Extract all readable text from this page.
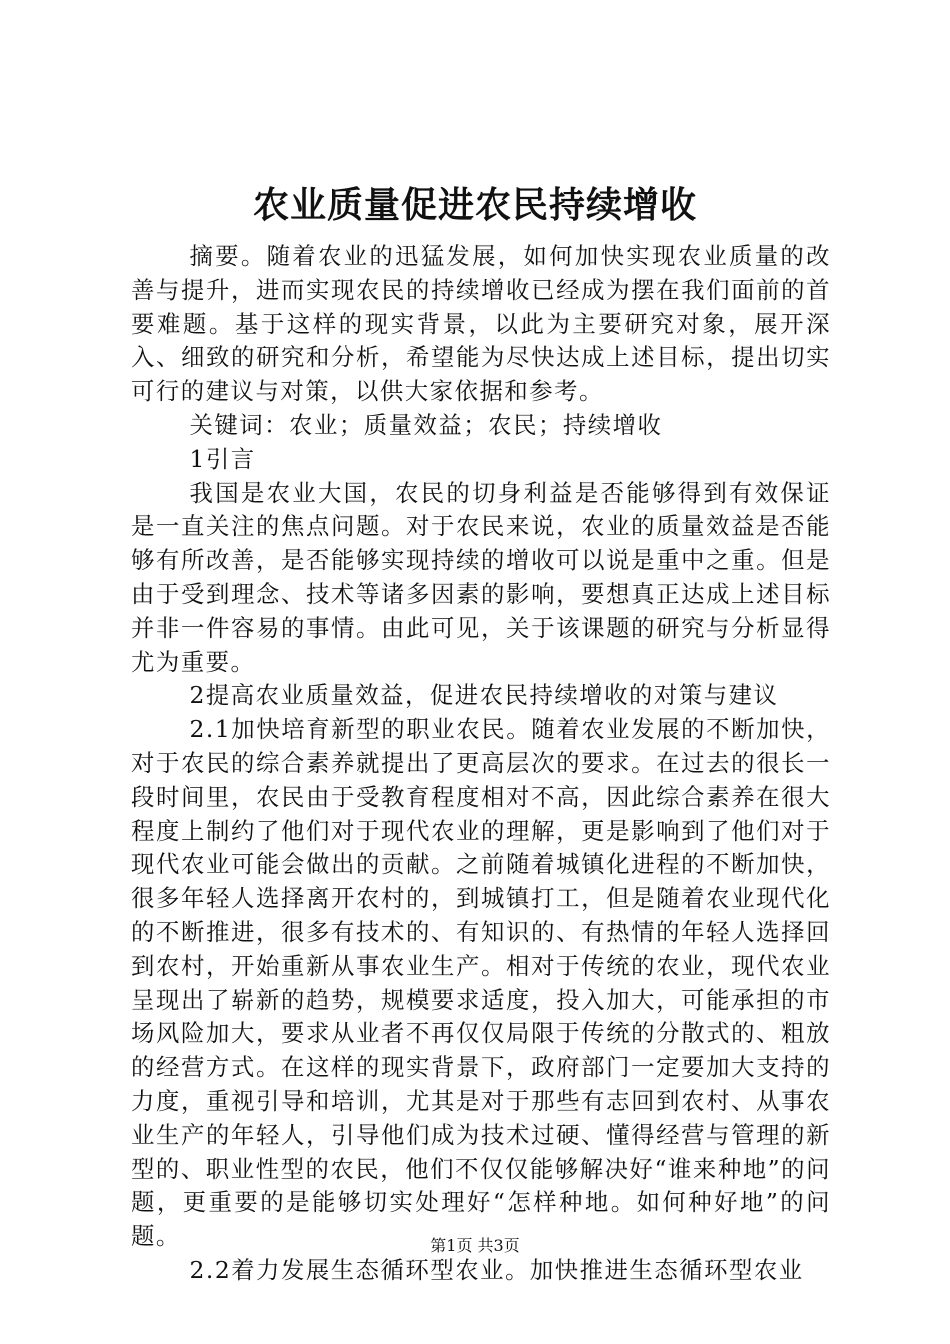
农业质量促进农民持续增收

摘要。随着农业的迅猛发展，如何加快实现农业质量的改善与提升，进而实现农民的持续增收已经成为摆在我们面前的首要难题。基于这样的现实背景，以此为主要研究对象，展开深入、细致的研究和分析，希望能为尽快达成上述目标，提出切实可行的建议与对策，以供大家依据和参考。

关键词：农业；质量效益；农民；持续增收

1引言

我国是农业大国，农民的切身利益是否能够得到有效保证是一直关注的焦点问题。对于农民来说，农业的质量效益是否能够有所改善，是否能够实现持续的增收可以说是重中之重。但是由于受到理念、技术等诸多因素的影响，要想真正达成上述目标并非一件容易的事情。由此可见，关于该课题的研究与分析显得尤为重要。

2提高农业质量效益，促进农民持续增收的对策与建议

2.1加快培育新型的职业农民。随着农业发展的不断加快，对于农民的综合素养就提出了更高层次的要求。在过去的很长一段时间里，农民由于受教育程度相对不高，因此综合素养在很大程度上制约了他们对于现代农业的理解，更是影响到了他们对于现代农业可能会做出的贡献。之前随着城镇化进程的不断加快，很多年轻人选择离开农村的，到城镇打工，但是随着农业现代化的不断推进，很多有技术的、有知识的、有热情的年轻人选择回到农村，开始重新从事农业生产。相对于传统的农业，现代农业呈现出了崭新的趋势，规模要求适度，投入加大，可能承担的市场风险加大，要求从业者不再仅仅局限于传统的分散式的、粗放的经营方式。在这样的现实背景下，政府部门一定要加大支持的力度，重视引导和培训，尤其是对于那些有志回到农村、从事农业生产的年轻人，引导他们成为技术过硬、懂得经营与管理的新型的、职业性型的农民，他们不仅仅能够解决好“谁来种地”的问题，更重要的是能够切实处理好“怎样种地。如何种好地”的问题。

2.2着力发展生态循环型农业。加快推进生态循环型农业

第1页 共3页
